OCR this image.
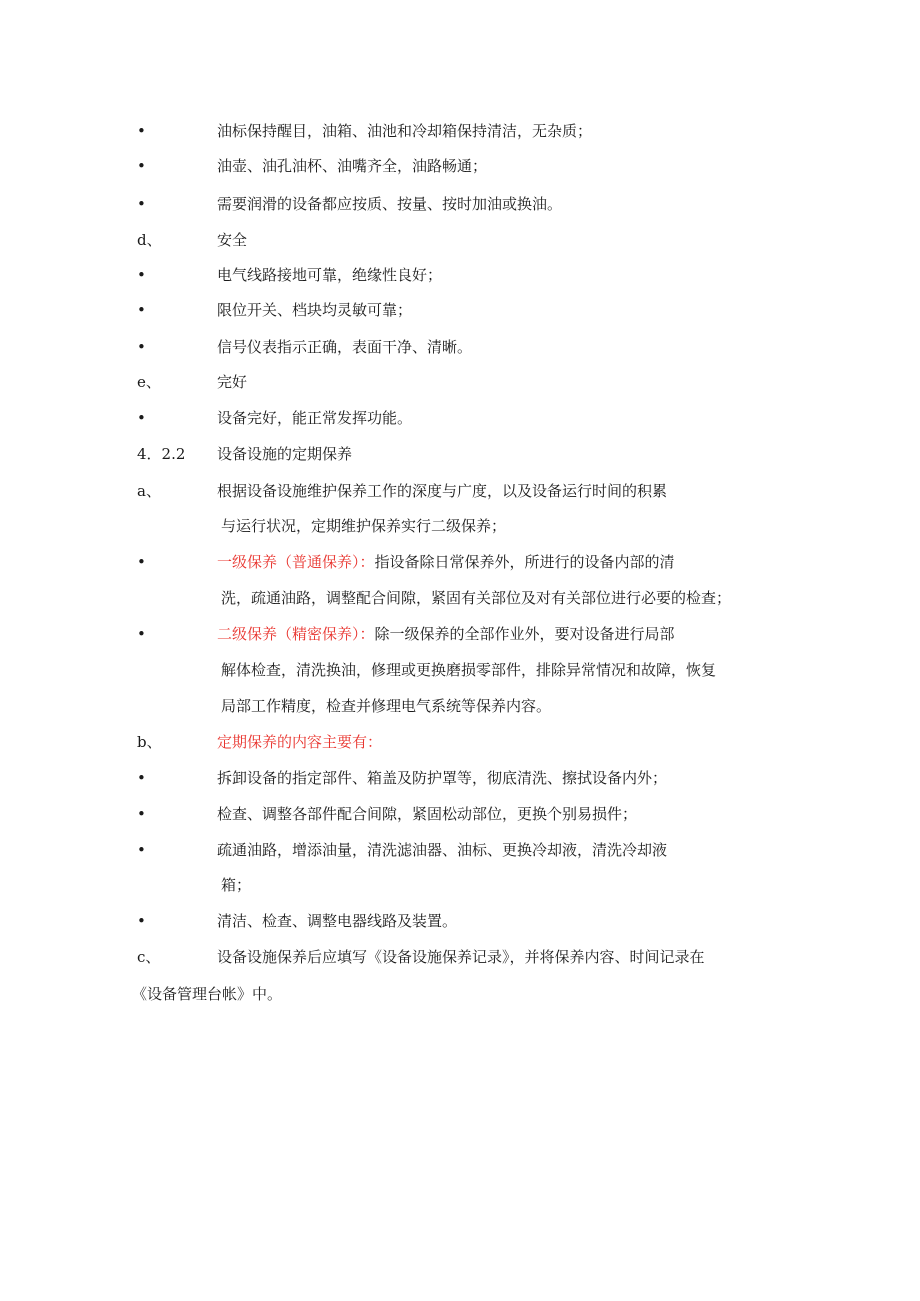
•	油标保持醒目，油箱、油池和冷却箱保持清洁，无杂质；
•	油壶、油孔油杯、油嘴齐全，油路畅通；
•	需要润滑的设备都应按质、按量、按时加油或换油。
d、	安全
•	电气线路接地可靠，绝缘性良好；
•	限位开关、档块均灵敏可靠；
•	信号仪表指示正确，表面干净、清晰。
e、	完好
•	设备完好，能正常发挥功能。
4．2.2 设备设施的定期保养
a、	根据设备设施维护保养工作的深度与广度，以及设备运行时间的积累
与运行状况，定期维护保养实行二级保养；
•	一级保养（普通保养）：指设备除日常保养外，所进行的设备内部的清
洗，疏通油路，调整配合间隙，紧固有关部位及对有关部位进行必要的检查；
•	二级保养（精密保养）：除一级保养的全部作业外，要对设备进行局部
解体检查，清洗换油，修理或更换磨损零部件，排除异常情况和故障，恢复
局部工作精度，检查并修理电气系统等保养内容。
b、	定期保养的内容主要有：
•	拆卸设备的指定部件、箱盖及防护罩等，彻底清洗、擦拭设备内外；
•	检查、调整各部件配合间隙，紧固松动部位，更换个别易损件；
•	疏通油路，增添油量，清洗滤油器、油标、更换冷却液，清洗冷却液
箱；
•	清洁、检查、调整电器线路及装置。
c、	设备设施保养后应填写《设备设施保养记录》，并将保养内容、时间记录在
《设备管理台帐》中。
